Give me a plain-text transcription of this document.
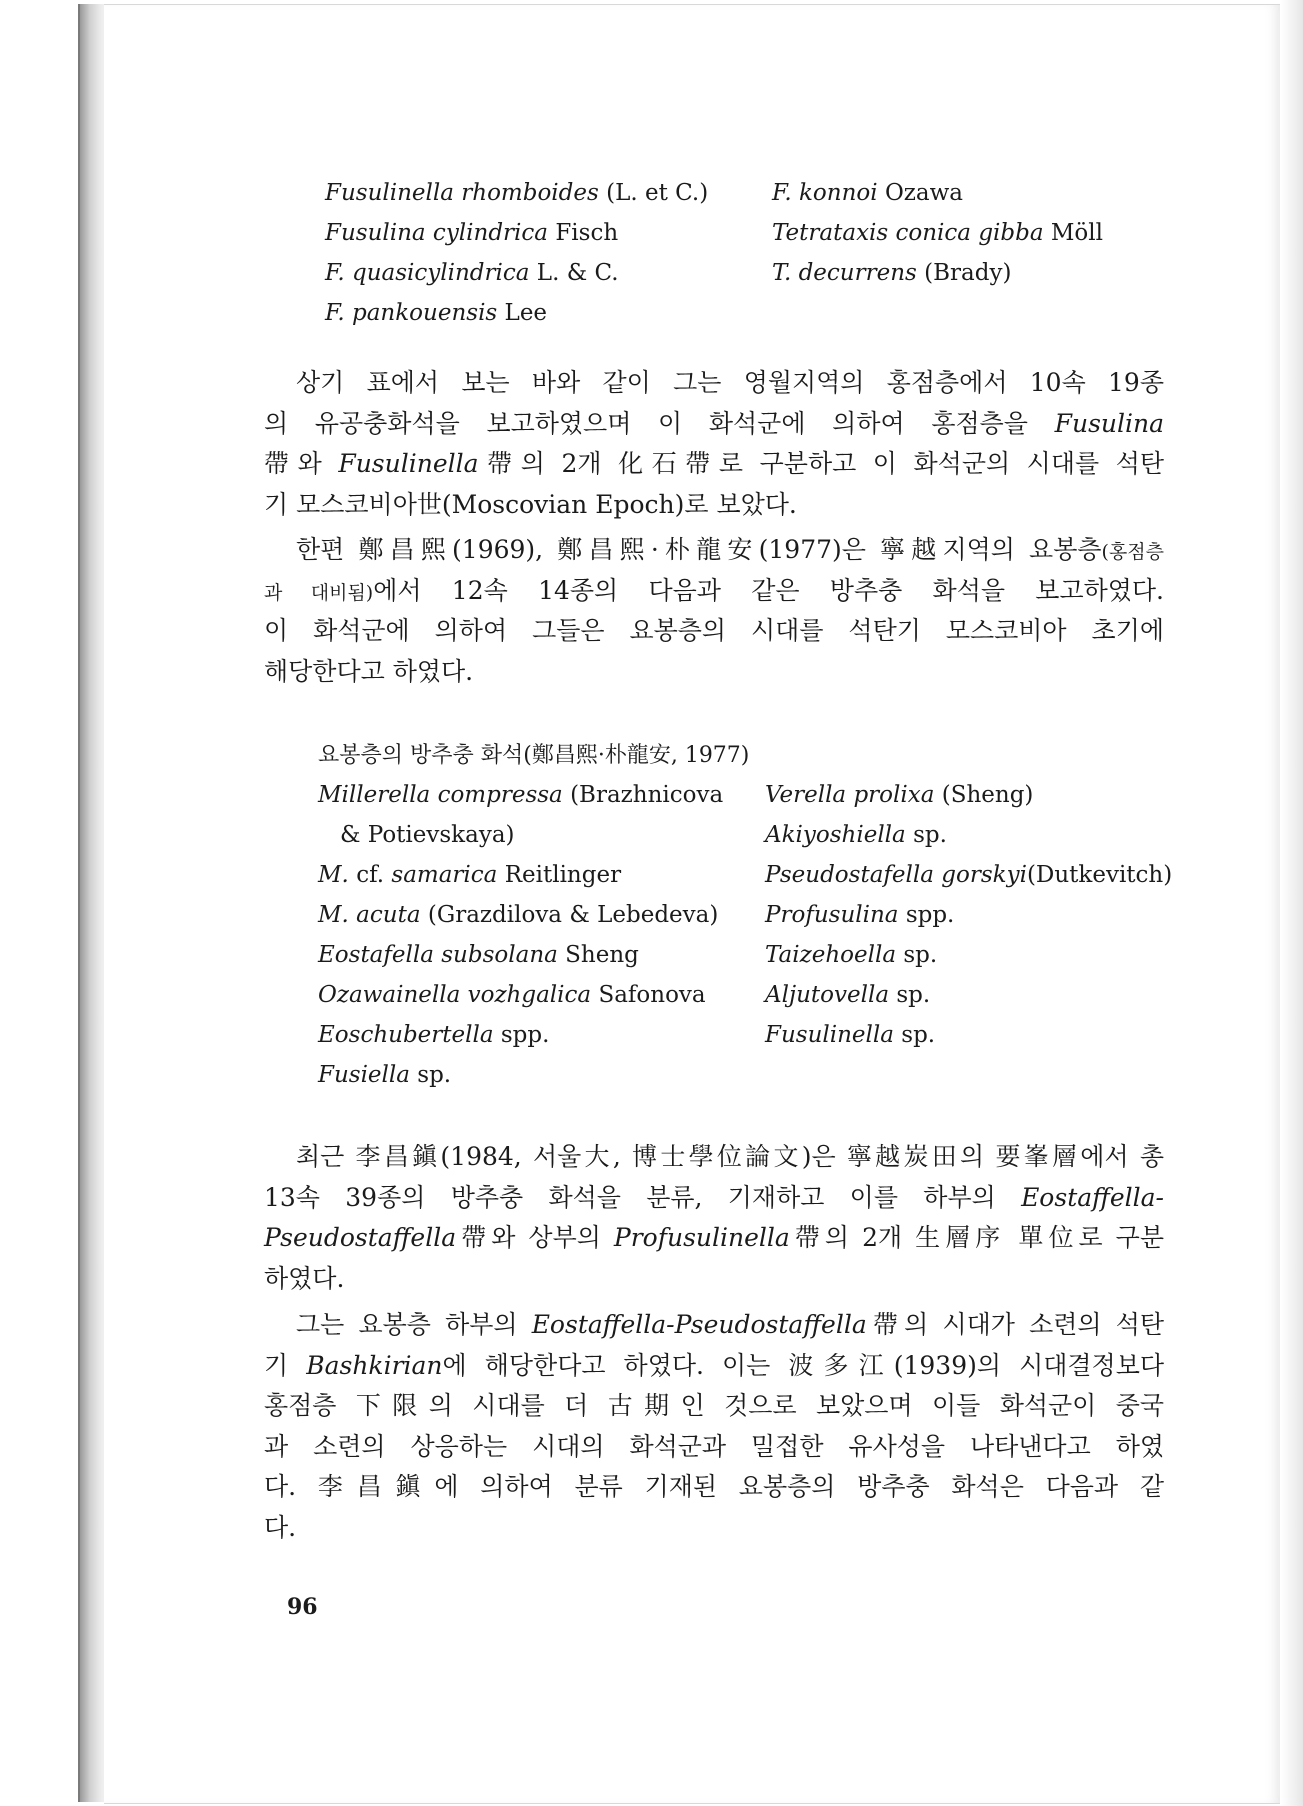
Fusulinella rhomboides (L. et C.)
Fusulina cylindrica Fisch
F. quasicylindrica L. & C.
F. pankouensis Lee
F. konnoi Ozawa
Tetrataxis conica gibba Möll
T. decurrens (Brady)
상기 표에서 보는 바와 같이 그는 영월지역의 홍점층에서 10속 19종
의 유공충화석을 보고하였으며 이 화석군에 의하여 홍점층을 Fusulina
帶와 Fusulinella帶의 2개 化石帶로 구분하고 이 화석군의 시대를 석탄
기 모스코비아世(Moscovian Epoch)로 보았다.
한편 鄭昌熙(1969), 鄭昌熙·朴龍安(1977)은 寧越지역의 요봉층(홍점층
과 대비됨)에서 12속 14종의 다음과 같은 방추충 화석을 보고하였다.
이 화석군에 의하여 그들은 요봉층의 시대를 석탄기 모스코비아 초기에
해당한다고 하였다.
요봉층의 방추충 화석(鄭昌熙·朴龍安, 1977)
Millerella compressa (Brazhnicova
& Potievskaya)
M. cf. samarica Reitlinger
M. acuta (Grazdilova & Lebedeva)
Eostafella subsolana Sheng
Ozawainella vozhgalica Safonova
Eoschubertella spp.
Fusiella sp.
Verella prolixa (Sheng)
Akiyoshiella sp.
Pseudostafella gorskyi(Dutkevitch)
Profusulina spp.
Taizehoella sp.
Aljutovella sp.
Fusulinella sp.
최근 李昌鎭(1984, 서울大, 博士學位論文)은 寧越炭田의 要峯層에서 총
13속 39종의 방추충 화석을 분류, 기재하고 이를 하부의 Eostaffella-
Pseudostaffella帶와 상부의 Profusulinella帶의 2개 生層序 單位로 구분
하였다.
그는 요봉층 하부의 Eostaffella-Pseudostaffella帶의 시대가 소련의 석탄
기 Bashkirian에 해당한다고 하였다. 이는 波多江(1939)의 시대결정보다
홍점층 下限의 시대를 더 古期인 것으로 보았으며 이들 화석군이 중국
과 소련의 상응하는 시대의 화석군과 밀접한 유사성을 나타낸다고 하였
다. 李昌鎭에 의하여 분류 기재된 요봉층의 방추충 화석은 다음과 같
다.
96
